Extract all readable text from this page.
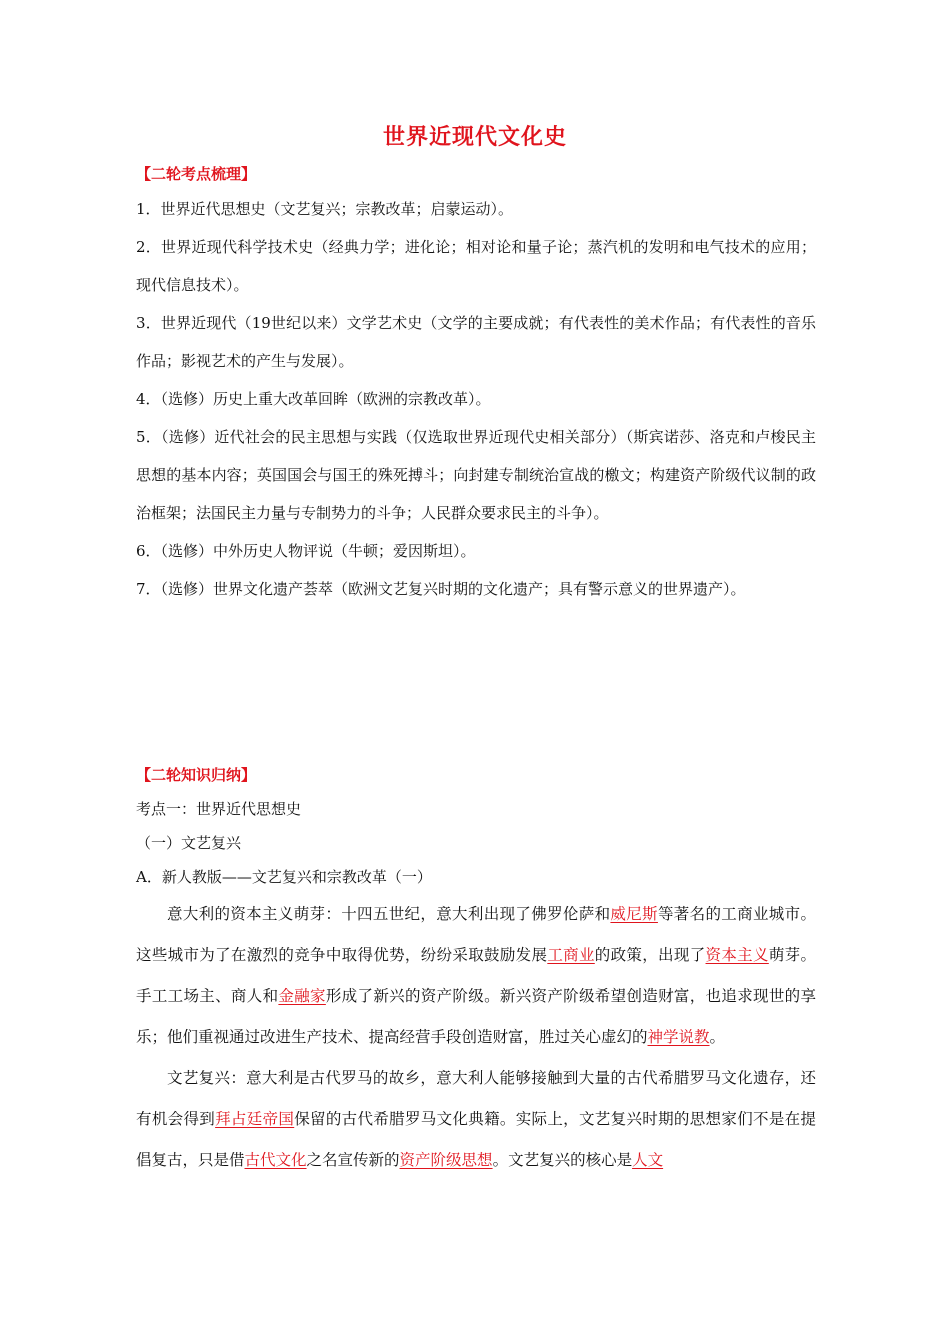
世界近现代文化史
【二轮考点梳理】
1．世界近代思想史（文艺复兴；宗教改革；启蒙运动）。
2．世界近现代科学技术史（经典力学；进化论；相对论和量子论；蒸汽机的发明和电气技术的应用；现代信息技术）。
3．世界近现代（19世纪以来）文学艺术史（文学的主要成就；有代表性的美术作品；有代表性的音乐作品；影视艺术的产生与发展）。
4．（选修）历史上重大改革回眸（欧洲的宗教改革）。
5．（选修）近代社会的民主思想与实践（仅选取世界近现代史相关部分）（斯宾诺莎、洛克和卢梭民主思想的基本内容；英国国会与国王的殊死搏斗；向封建专制统治宣战的檄文；构建资产阶级代议制的政治框架；法国民主力量与专制势力的斗争；人民群众要求民主的斗争）。
6．（选修）中外历史人物评说（牛顿；爱因斯坦）。
7．（选修）世界文化遗产荟萃（欧洲文艺复兴时期的文化遗产；具有警示意义的世界遗产）。
【二轮知识归纳】
考点一：世界近代思想史
（一）文艺复兴
A．新人教版——文艺复兴和宗教改革（一）

意大利的资本主义萌芽：十四五世纪，意大利出现了佛罗伦萨和威尼斯等著名的工商业城市。这些城市为了在激烈的竞争中取得优势，纷纷采取鼓励发展工商业的政策，出现了资本主义萌芽。手工工场主、商人和金融家形成了新兴的资产阶级。新兴资产阶级希望创造财富，也追求现世的享乐；他们重视通过改进生产技术、提高经营手段创造财富，胜过关心虚幻的神学说教。

文艺复兴：意大利是古代罗马的故乡，意大利人能够接触到大量的古代希腊罗马文化遗存，还有机会得到拜占廷帝国保留的古代希腊罗马文化典籍。实际上，文艺复兴时期的思想家们不是在提倡复古，只是借古代文化之名宣传新的资产阶级思想。文艺复兴的核心是人文
